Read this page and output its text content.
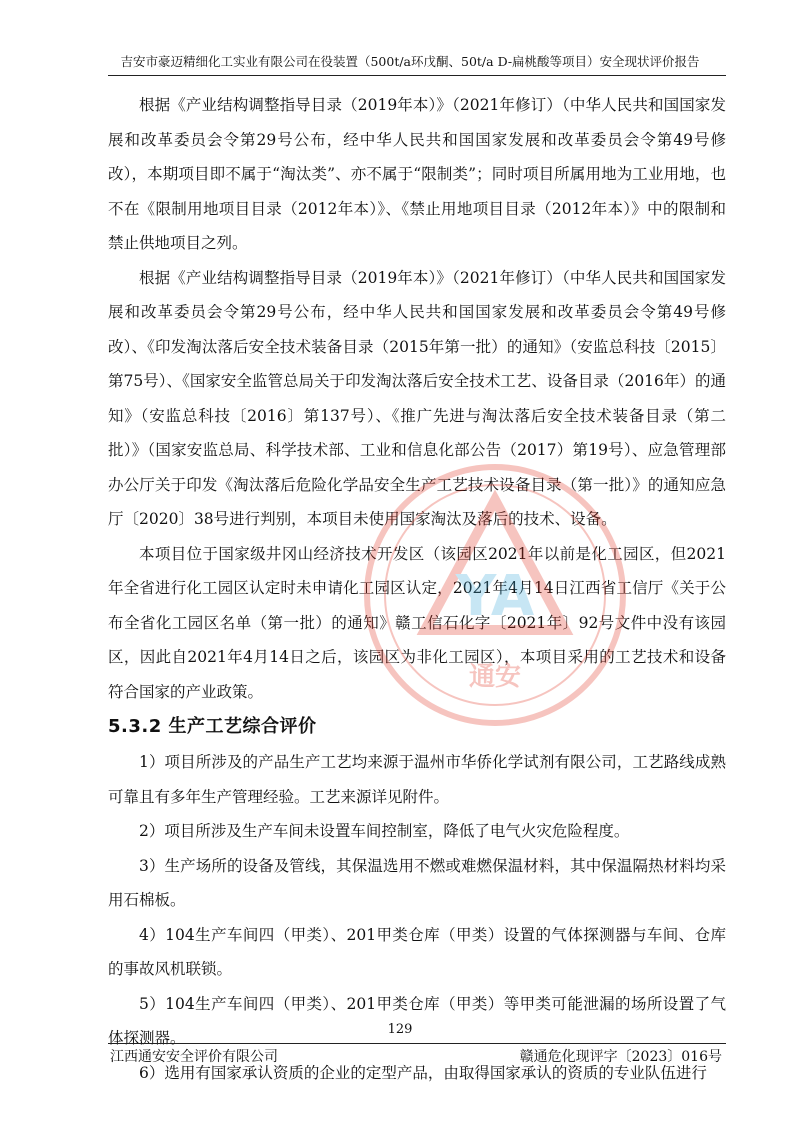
吉安市豪迈精细化工实业有限公司在役装置（500t/a环戊酮、50t/a D-扁桃酸等项目）安全现状评价报告

根据《产业结构调整指导目录（2019年本）》（2021年修订）（中华人民共和国国家发展和改革委员会令第29号公布，经中华人民共和国国家发展和改革委员会令第49号修改），本期项目即不属于“淘汰类”、亦不属于“限制类”；同时项目所属用地为工业用地，也不在《限制用地项目目录（2012年本）》、《禁止用地项目目录（2012年本）》中的限制和禁止供地项目之列。

根据《产业结构调整指导目录（2019年本）》（2021年修订）（中华人民共和国国家发展和改革委员会令第29号公布，经中华人民共和国国家发展和改革委员会令第49号修改）、《印发淘汰落后安全技术装备目录（2015年第一批）的通知》（安监总科技〔2015〕第75号）、《国家安全监管总局关于印发淘汰落后安全技术工艺、设备目录（2016年）的通知》（安监总科技〔2016〕第137号）、《推广先进与淘汰落后安全技术装备目录（第二批）》（国家安监总局、科学技术部、工业和信息化部公告（2017）第19号）、应急管理部办公厅关于印发《淘汰落后危险化学品安全生产工艺技术设备目录（第一批）》的通知应急厅〔2020〕38号进行判别，本项目未使用国家淘汰及落后的技术、设备。

本项目位于国家级井冈山经济技术开发区（该园区2021年以前是化工园区，但2021年全省进行化工园区认定时未申请化工园区认定，2021年4月14日江西省工信厅《关于公布全省化工园区名单（第一批）的通知》赣工信石化字〔2021年〕92号文件中没有该园区，因此自2021年4月14日之后，该园区为非化工园区），本项目采用的工艺技术和设备符合国家的产业政策。

5.3.2 生产工艺综合评价

1）项目所涉及的产品生产工艺均来源于温州市华侨化学试剂有限公司，工艺路线成熟可靠且有多年生产管理经验。工艺来源详见附件。

2）项目所涉及生产车间未设置车间控制室，降低了电气火灾危险程度。

3）生产场所的设备及管线，其保温选用不燃或难燃保温材料，其中保温隔热材料均采用石棉板。

4）104生产车间四（甲类）、201甲类仓库（甲类）设置的气体探测器与车间、仓库的事故风机联锁。

5）104生产车间四（甲类）、201甲类仓库（甲类）等甲类可能泄漏的场所设置了气体探测器。

6）选用有国家承认资质的企业的定型产品，由取得国家承认的资质的专业队伍进行

YA
通安
129
江西通安安全评价有限公司	赣通危化现评字〔2023〕016号
